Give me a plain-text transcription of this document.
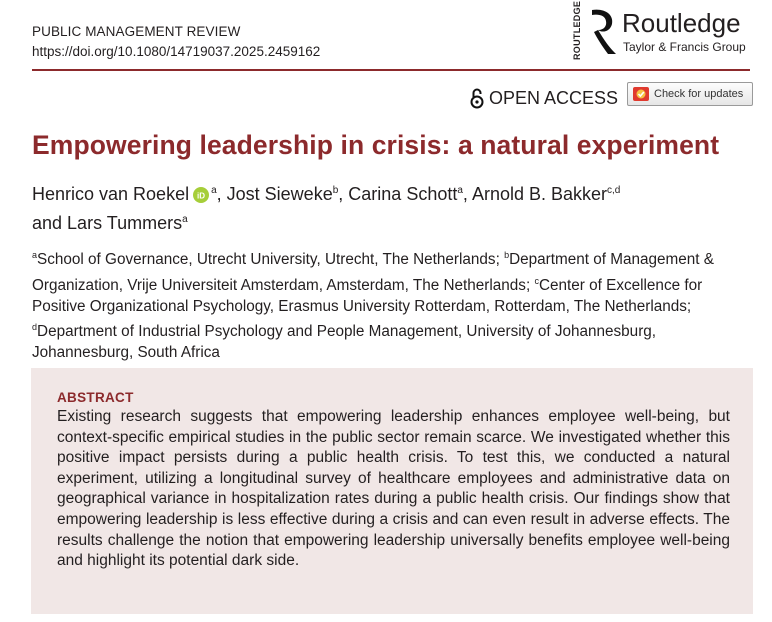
PUBLIC MANAGEMENT REVIEW
https://doi.org/10.1080/14719037.2025.2459162	ROUTLEDGE Routledge
Taylor & Francis Group
OPEN ACCESS	Check for updates
Empowering leadership in crisis: a natural experiment
Henrico van Roekel iD $^a$, Jost Sieweke$^b$, Carina Schott$^a$, Arnold B. Bakker$^{c,d}$
and Lars Tummers$^a$
$^a$School of Governance, Utrecht University, Utrecht, The Netherlands; $^b$Department of Management & Organization, Vrije Universiteit Amsterdam, Amsterdam, The Netherlands; $^c$Center of Excellence for Positive Organizational Psychology, Erasmus University Rotterdam, Rotterdam, The Netherlands; $^d$Department of Industrial Psychology and People Management, University of Johannesburg, Johannesburg, South Africa
ABSTRACT
Existing research suggests that empowering leadership enhances employee well-being, but context-specific empirical studies in the public sector remain scarce. We investigated whether this positive impact persists during a public health crisis. To test this, we conducted a natural experiment, utilizing a longitudinal survey of healthcare employees and administrative data on geographical variance in hospitalization rates during a public health crisis. Our findings show that empowering leadership is less effective during a crisis and can even result in adverse effects. The results challenge the notion that empowering leadership universally benefits employee well-being and highlight its potential dark side.
